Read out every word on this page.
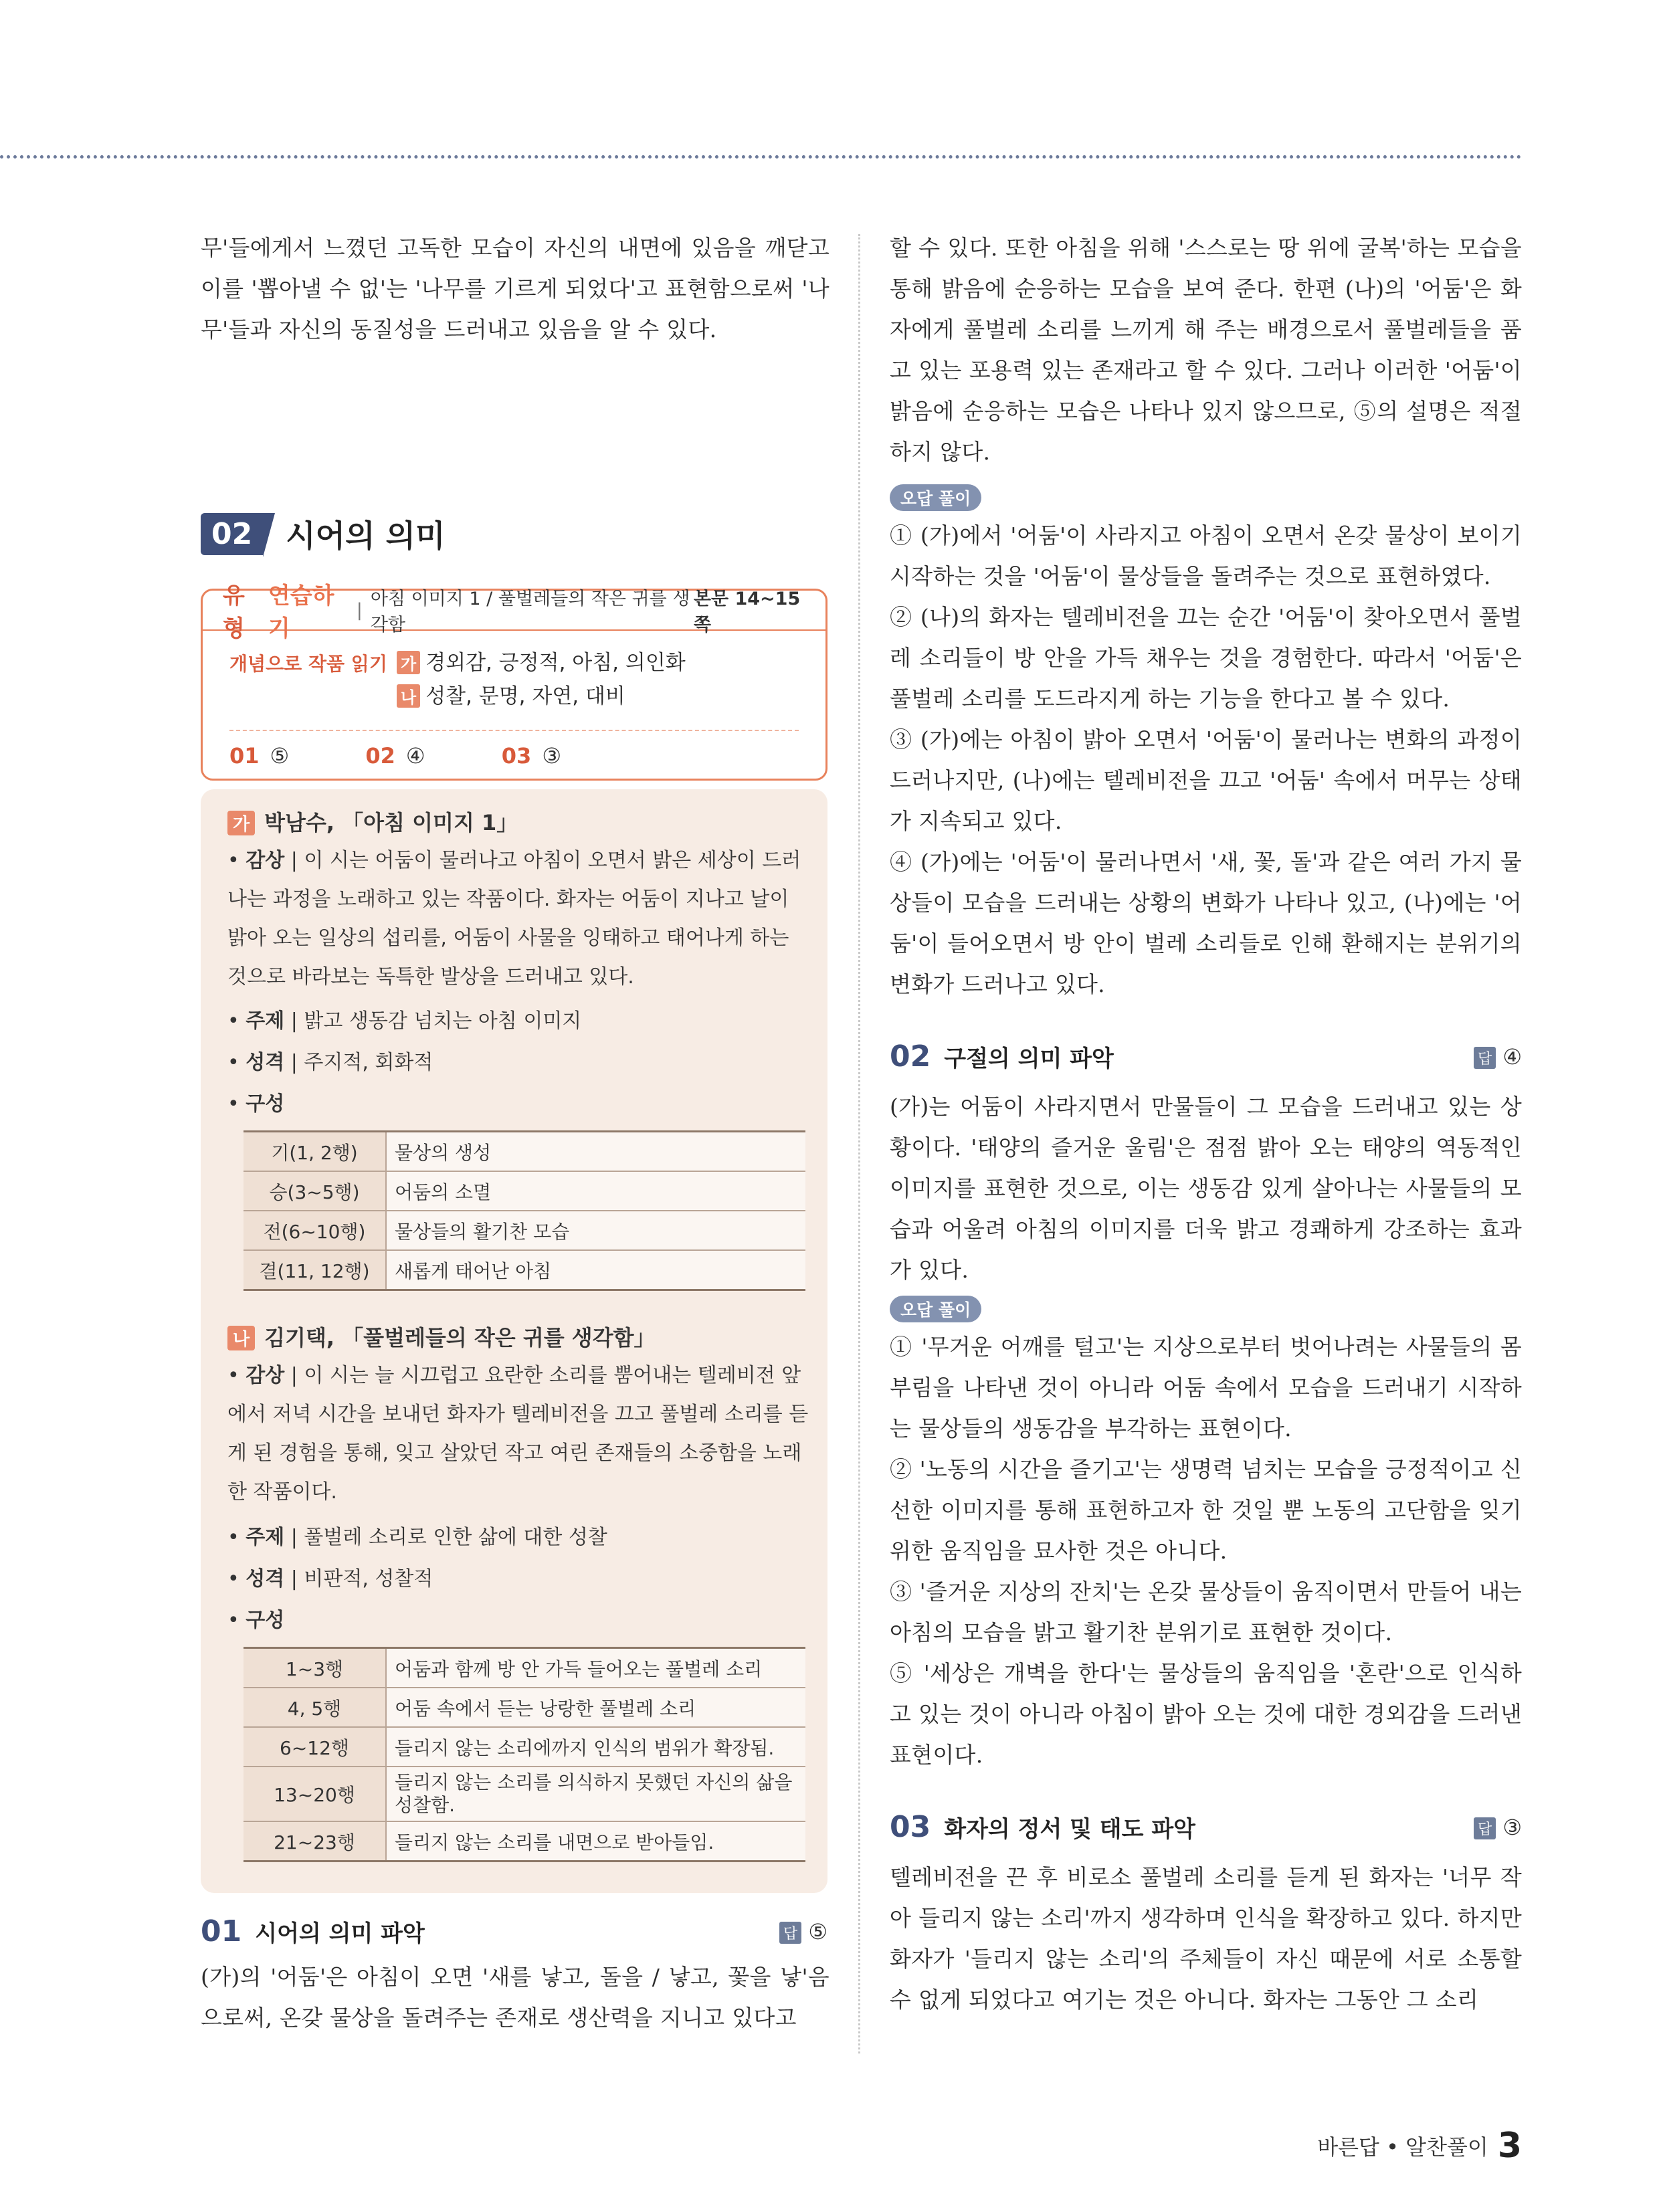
무'들에게서 느꼈던 고독한 모습이 자신의 내면에 있음을 깨닫고 이를 '뽑아낼 수 없'는 '나무를 기르게 되었다'고 표현함으로써 '나무'들과 자신의 동질성을 드러내고 있음을 알 수 있다.

02	시어의 의미
유형
연습하기
|
아침 이미지 1 / 풀벌레들의 작은 귀를 생각함
본문 14~15쪽
개념으로 작품 읽기 가 경외감, 긍정적, 아침, 의인화
나 성찰, 문명, 자연, 대비
01 ⑤	02 ④	03 ③
가 박남수, 「아침 이미지 1」
• 감상 | 이 시는 어둠이 물러나고 아침이 오면서 밝은 세상이 드러나는 과정을 노래하고 있는 작품이다. 화자는 어둠이 지나고 날이 밝아 오는 일상의 섭리를, 어둠이 사물을 잉태하고 태어나게 하는 것으로 바라보는 독특한 발상을 드러내고 있다.
• 주제 | 밝고 생동감 넘치는 아침 이미지
• 성격 | 주지적, 회화적
• 구성
기(1, 2행)	물상의 생성
승(3~5행)	어둠의 소멸
전(6~10행)	물상들의 활기찬 모습
결(11, 12행)	새롭게 태어난 아침
나 김기택, 「풀벌레들의 작은 귀를 생각함」
• 감상 | 이 시는 늘 시끄럽고 요란한 소리를 뿜어내는 텔레비전 앞에서 저녁 시간을 보내던 화자가 텔레비전을 끄고 풀벌레 소리를 듣게 된 경험을 통해, 잊고 살았던 작고 여린 존재들의 소중함을 노래한 작품이다.
• 주제 | 풀벌레 소리로 인한 삶에 대한 성찰
• 성격 | 비판적, 성찰적
• 구성
1~3행	어둠과 함께 방 안 가득 들어오는 풀벌레 소리
4, 5행	어둠 속에서 듣는 낭랑한 풀벌레 소리
6~12행	들리지 않는 소리에까지 인식의 범위가 확장됨.
13~20행	들리지 않는 소리를 의식하지 못했던 자신의 삶을 성찰함.
21~23행	들리지 않는 소리를 내면으로 받아들임.
01 시어의 의미 파악	답 ⑤

(가)의 '어둠'은 아침이 오면 '새를 낳고, 돌을 / 낳고, 꽃을 낳'음으로써, 온갖 물상을 돌려주는 존재로 생산력을 지니고 있다고

할 수 있다. 또한 아침을 위해 '스스로는 땅 위에 굴복'하는 모습을 통해 밝음에 순응하는 모습을 보여 준다. 한편 (나)의 '어둠'은 화자에게 풀벌레 소리를 느끼게 해 주는 배경으로서 풀벌레들을 품고 있는 포용력 있는 존재라고 할 수 있다. 그러나 이러한 '어둠'이 밝음에 순응하는 모습은 나타나 있지 않으므로, ⑤의 설명은 적절하지 않다.

오답 풀이

① (가)에서 '어둠'이 사라지고 아침이 오면서 온갖 물상이 보이기 시작하는 것을 '어둠'이 물상들을 돌려주는 것으로 표현하였다.

② (나)의 화자는 텔레비전을 끄는 순간 '어둠'이 찾아오면서 풀벌레 소리들이 방 안을 가득 채우는 것을 경험한다. 따라서 '어둠'은 풀벌레 소리를 도드라지게 하는 기능을 한다고 볼 수 있다.

③ (가)에는 아침이 밝아 오면서 '어둠'이 물러나는 변화의 과정이 드러나지만, (나)에는 텔레비전을 끄고 '어둠' 속에서 머무는 상태가 지속되고 있다.

④ (가)에는 '어둠'이 물러나면서 '새, 꽃, 돌'과 같은 여러 가지 물상들이 모습을 드러내는 상황의 변화가 나타나 있고, (나)에는 '어둠'이 들어오면서 방 안이 벌레 소리들로 인해 환해지는 분위기의 변화가 드러나고 있다.

02 구절의 의미 파악	답 ④

(가)는 어둠이 사라지면서 만물들이 그 모습을 드러내고 있는 상황이다. '태양의 즐거운 울림'은 점점 밝아 오는 태양의 역동적인 이미지를 표현한 것으로, 이는 생동감 있게 살아나는 사물들의 모습과 어울려 아침의 이미지를 더욱 밝고 경쾌하게 강조하는 효과가 있다.

오답 풀이

① '무거운 어깨를 털고'는 지상으로부터 벗어나려는 사물들의 몸부림을 나타낸 것이 아니라 어둠 속에서 모습을 드러내기 시작하는 물상들의 생동감을 부각하는 표현이다.

② '노동의 시간을 즐기고'는 생명력 넘치는 모습을 긍정적이고 신선한 이미지를 통해 표현하고자 한 것일 뿐 노동의 고단함을 잊기 위한 움직임을 묘사한 것은 아니다.

③ '즐거운 지상의 잔치'는 온갖 물상들이 움직이면서 만들어 내는 아침의 모습을 밝고 활기찬 분위기로 표현한 것이다.

⑤ '세상은 개벽을 한다'는 물상들의 움직임을 '혼란'으로 인식하고 있는 것이 아니라 아침이 밝아 오는 것에 대한 경외감을 드러낸 표현이다.

03 화자의 정서 및 태도 파악	답 ③

텔레비전을 끈 후 비로소 풀벌레 소리를 듣게 된 화자는 '너무 작아 들리지 않는 소리'까지 생각하며 인식을 확장하고 있다. 하지만 화자가 '들리지 않는 소리'의 주체들이 자신 때문에 서로 소통할 수 없게 되었다고 여기는 것은 아니다. 화자는 그동안 그 소리

바른답 • 알찬풀이 3
